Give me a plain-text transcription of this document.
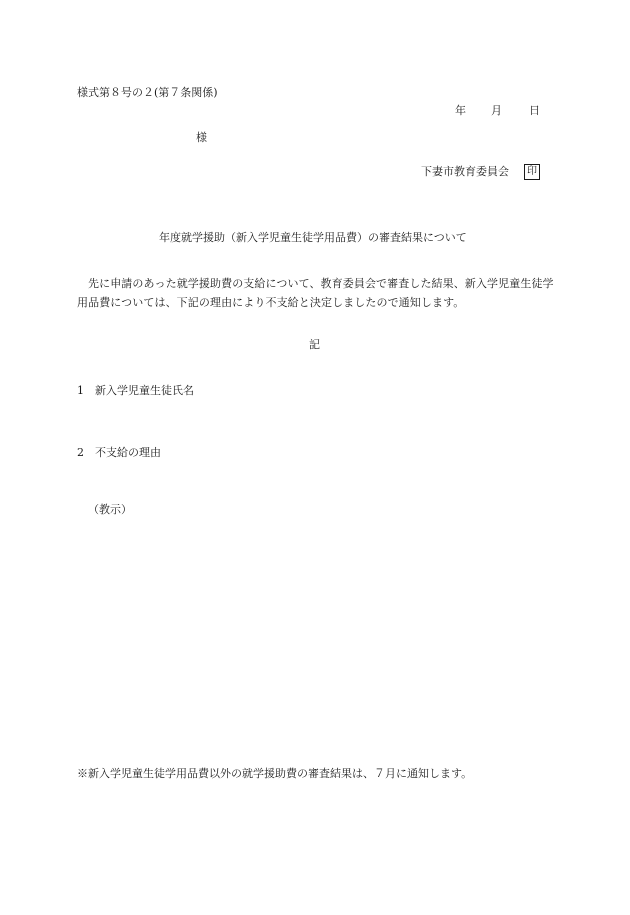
様式第８号の２(第７条関係)
年 月 日
様
下妻市教育委員会	印
年度就学援助（新入学児童生徒学用品費）の審査結果について
先に申請のあった就学援助費の支給について、教育委員会で審査した結果、新入学児童生徒学用品費については、下記の理由により不支給と決定しましたので通知します。
記
1 新入学児童生徒氏名
2 不支給の理由
（教示）
※新入学児童生徒学用品費以外の就学援助費の審査結果は、７月に通知します。
